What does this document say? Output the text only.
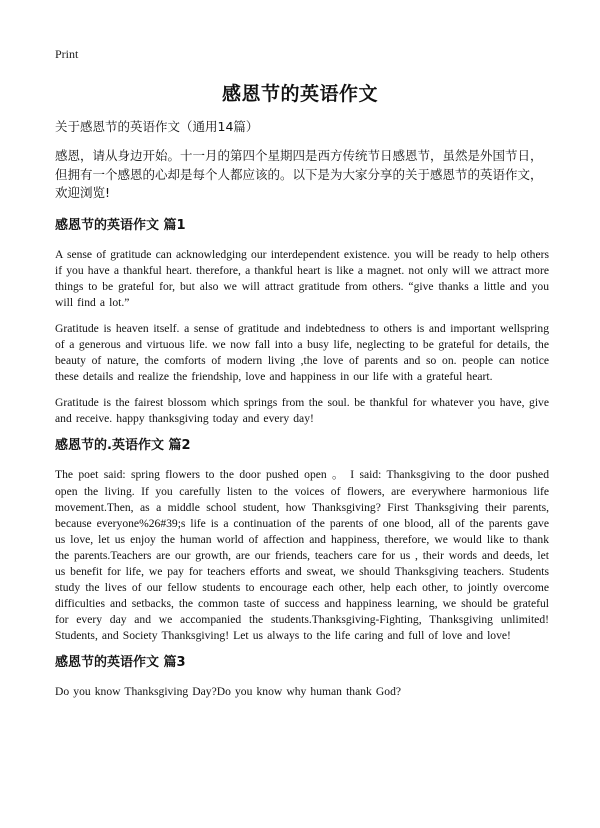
Print
感恩节的英语作文

关于感恩节的英语作文（通用14篇）

感恩，请从身边开始。十一月的第四个星期四是西方传统节日感恩节，虽然是外国节日，但拥有一个感恩的心却是每个人都应该的。以下是为大家分享的关于感恩节的英语作文，欢迎浏览!

感恩节的英语作文 篇1

A sense of gratitude can acknowledging our interdependent existence. you will be ready to help others if you have a thankful heart. therefore, a thankful heart is like a magnet. not only will we attract more things to be grateful for, but also we will attract gratitude from others. “give thanks a little and you will find a lot.”

Gratitude is heaven itself. a sense of gratitude and indebtedness to others is and important wellspring of a generous and virtuous life. we now fall into a busy life, neglecting to be grateful for details, the beauty of nature, the comforts of modern living ,the love of parents and so on. people can notice these details and realize the friendship, love and happiness in our life with a grateful heart.

Gratitude is the fairest blossom which springs from the soul. be thankful for whatever you have, give and receive. happy thanksgiving today and every day!

感恩节的.英语作文 篇2

The poet said: spring flowers to the door pushed open 。 I said: Thanksgiving to the door pushed open the living. If you carefully listen to the voices of flowers, are everywhere harmonious life movement.Then, as a middle school student, how Thanksgiving? First Thanksgiving their parents, because everyone%26#39;s life is a continuation of the parents of one blood, all of the parents gave us love, let us enjoy the human world of affection and happiness, therefore, we would like to thank the parents.Teachers are our growth, are our friends, teachers care for us , their words and deeds, let us benefit for life, we pay for teachers efforts and sweat, we should Thanksgiving teachers. Students study the lives of our fellow students to encourage each other, help each other, to jointly overcome difficulties and setbacks, the common taste of success and happiness learning, we should be grateful for every day and we accompanied the students.Thanksgiving-Fighting, Thanksgiving unlimited! Students, and Society Thanksgiving! Let us always to the life caring and full of love and love!

感恩节的英语作文 篇3

Do you know Thanksgiving Day?Do you know why human thank God?
